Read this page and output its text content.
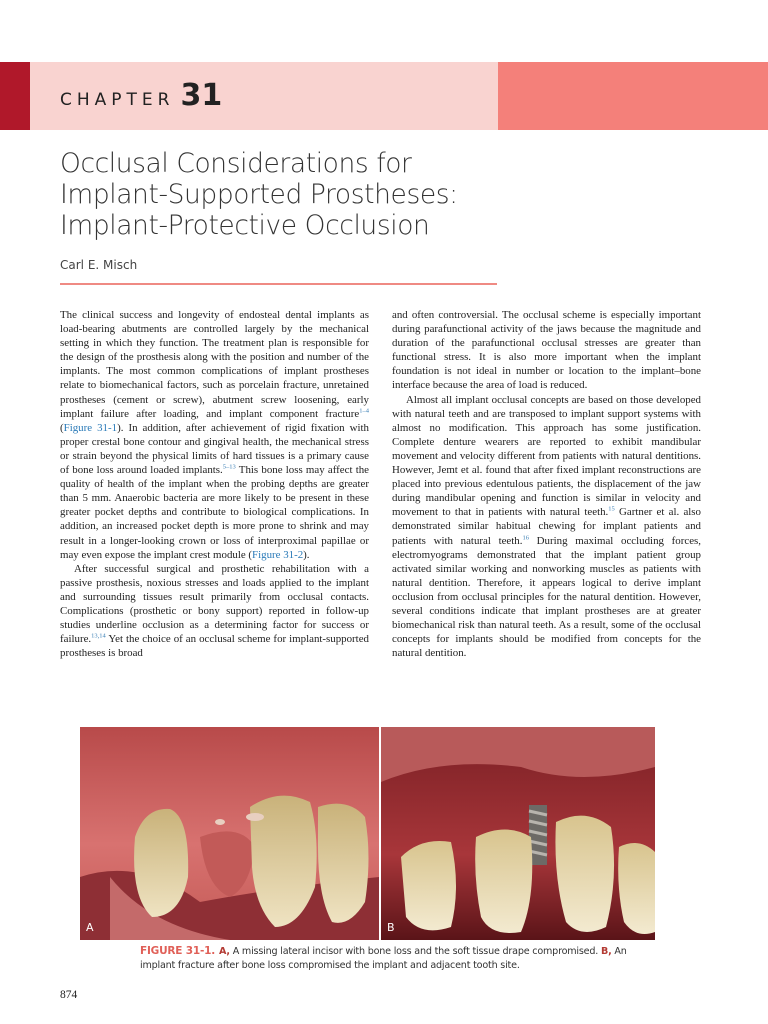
CHAPTER 31
Occlusal Considerations for
Implant-Supported Prostheses:
Implant-Protective Occlusion
Carl E. Misch

The clinical success and longevity of endosteal dental implants as load-bearing abutments are controlled largely by the mechanical setting in which they function. The treatment plan is responsible for the design of the prosthesis along with the position and number of the implants. The most common complications of implant prostheses relate to biomechanical factors, such as porcelain fracture, unretained prostheses (cement or screw), abutment screw loosening, early implant failure after loading, and implant component fracture$^{1-4}$ (Figure 31-1). In addition, after achievement of rigid fixation with proper crestal bone contour and gingival health, the mechanical stress or strain beyond the physical limits of hard tissues is a primary cause of bone loss around loaded implants.$^{5-13}$ This bone loss may affect the quality of health of the implant when the probing depths are greater than 5 mm. Anaerobic bacteria are more likely to be present in these greater pocket depths and contribute to biological complications. In addition, an increased pocket depth is more prone to shrink and may result in a longer-looking crown or loss of interproximal papillae or may even expose the implant crest module (Figure 31-2).

After successful surgical and prosthetic rehabilitation with a passive prosthesis, noxious stresses and loads applied to the implant and surrounding tissues result primarily from occlusal contacts. Complications (prosthetic or bony support) reported in follow-up studies underline occlusion as a determining factor for success or failure.$^{13,14}$ Yet the choice of an occlusal scheme for implant-supported prostheses is broad

and often controversial. The occlusal scheme is especially important during parafunctional activity of the jaws because the magnitude and duration of the parafunctional occlusal stresses are greater than functional stress. It is also more important when the implant foundation is not ideal in number or location to the implant–bone interface because the area of load is reduced.

Almost all implant occlusal concepts are based on those developed with natural teeth and are transposed to implant support systems with almost no modification. This approach has some justification. Complete denture wearers are reported to exhibit mandibular movement and velocity different from patients with natural dentitions. However, Jemt et al. found that after fixed implant reconstructions are placed into previous edentulous patients, the displacement of the jaw during mandibular opening and function is similar in velocity and movement to that in patients with natural teeth.$^{15}$ Gartner et al. also demonstrated similar habitual chewing for implant patients and patients with natural teeth.$^{16}$ During maximal occluding forces, electromyograms demonstrated that the implant patient group activated similar working and nonworking muscles as patients with natural dentition. Therefore, it appears logical to derive implant occlusion from occlusal principles for the natural dentition. However, several conditions indicate that implant prostheses are at greater biomechanical risk than natural teeth. As a result, some of the occlusal concepts for implants should be modified from concepts for the natural dentition.

A	B
FIGURE 31-1. A, A missing lateral incisor with bone loss and the soft tissue drape compromised. B, An implant fracture after bone loss compromised the implant and adjacent tooth site.
874
